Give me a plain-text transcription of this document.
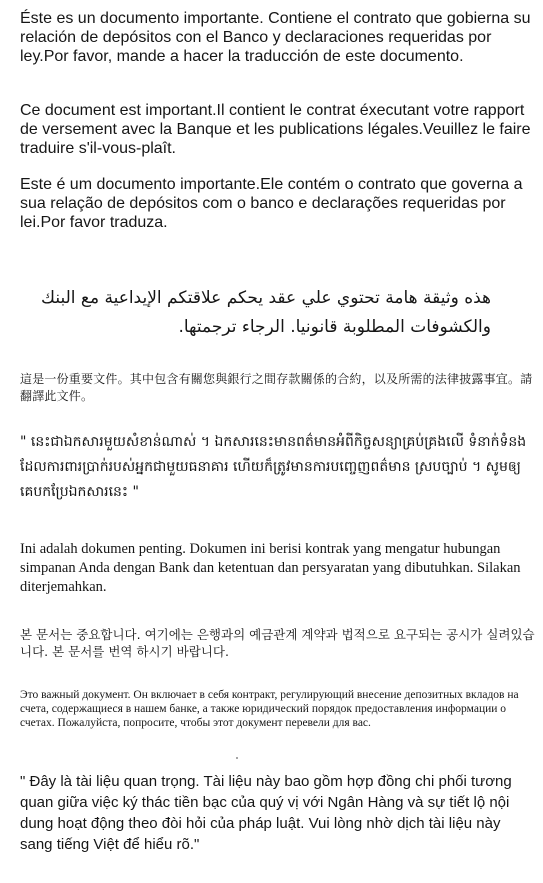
Éste es un documento importante. Contiene el contrato que gobierna su relación de depósitos con el Banco y declaraciones requeridas por ley.Por favor, mande a hacer la traducción de este documento.

Ce document est important.Il contient le contrat éxecutant votre rapport de versement avec la Banque et les publications légales.Veuillez le faire traduire s'il-vous-plaît.

Este é um documento importante.Ele contém o contrato que governa a sua relação de depósitos com o banco e declarações requeridas por lei.Por favor traduza.

هذه وثيقة هامة تحتوي علي عقد يحكم علاقتكم الإيداعية مع البنك والكشوفات المطلوبة قانونيا. الرجاء ترجمتها.

這是一份重要文件。其中包含有關您與銀行之間存款關係的合約，以及所需的法律披露事宜。請翻譯此文件。

" នេះជាឯកសារមួយសំខាន់ណាស់ ។ ឯកសារនេះមានពត៌មានអំពីកិច្ចសន្យាគ្រប់គ្រងលើ ទំនាក់ទំនងដែលការពារប្រាក់របស់អ្នកជាមួយធនាគារ ហើយក៏ត្រូវមានការបញ្ចេញពត៌មាន ស្របច្បាប់ ។ សូមឲ្យគេបកប្រែឯកសារនេះ "

Ini adalah dokumen penting. Dokumen ini berisi kontrak yang mengatur hubungan simpanan Anda dengan Bank dan ketentuan dan persyaratan yang dibutuhkan. Silakan diterjemahkan.

본 문서는 중요합니다. 여기에는 은행과의 예금관계 계약과 법적으로 요구되는 공시가 실려있습니다. 본 문서를 번역 하시기 바랍니다.

Это важный документ. Он включает в себя контракт, регулирующий внесение депозитных вкладов на счета, содержащиеся в нашем банке, а также юридический порядок предоставления информации о счетах. Пожалуйста, попросите, чтобы этот документ перевели для вас.

" Đây là tài liệu quan trọng. Tài liệu này bao gồm hợp đồng chi phối tương quan giữa việc ký thác tiền bạc của quý vị với Ngân Hàng và sự tiết lộ nội dung hoạt động theo đòi hỏi của pháp luật. Vui lòng nhờ dịch tài liệu này sang tiếng Việt để hiểu rõ."
